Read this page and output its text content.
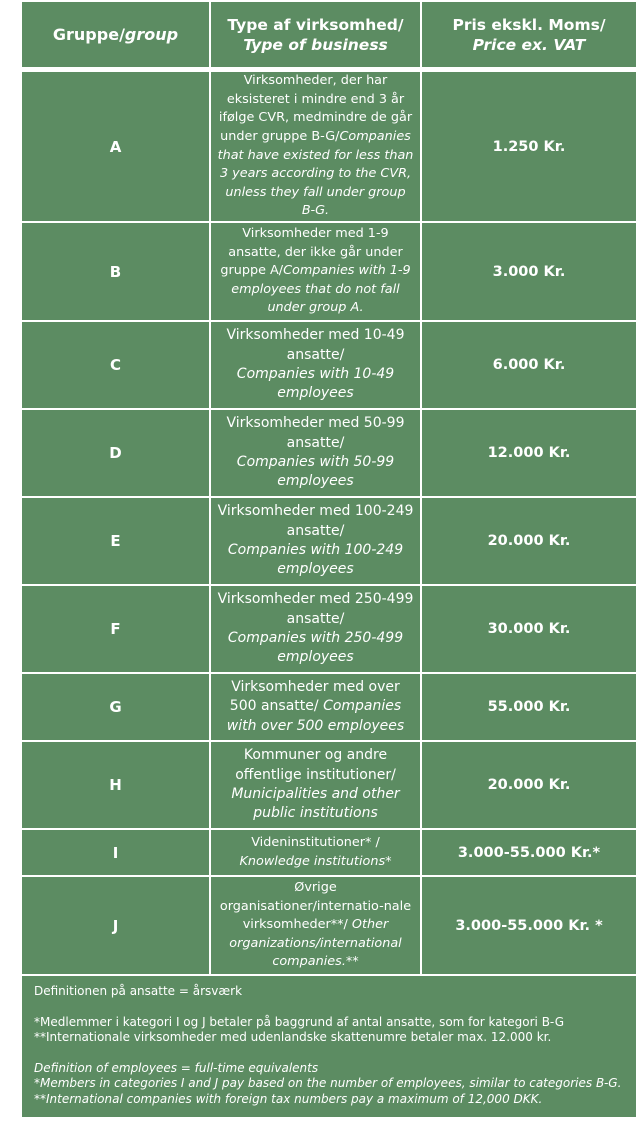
Gruppe/ group	Type af virksomhed/
Type of business
Pris ekskl. Moms/
Price ex. VAT
A
Virksomheder, der har eksisteret i mindre end 3 år ifølge CVR, medmindre de går under gruppe B-G/Companies that have existed for less than 3 years according to the CVR, unless they fall under group B-G.
1.250 Kr.
B
Virksomheder med 1-9 ansatte, der ikke går under gruppe A/Companies with 1-9 employees that do not fall under group A.
3.000 Kr.
C
Virksomheder med 10-49 ansatte/
Companies with 10-49 employees
6.000 Kr.
D
Virksomheder med 50-99 ansatte/
Companies with 50-99 employees
12.000 Kr.
E
Virksomheder med 100-249 ansatte/
Companies with 100-249 employees
20.000 Kr.
F
Virksomheder med 250-499 ansatte/
Companies with 250-499 employees
30.000 Kr.
G
Virksomheder med over 500 ansatte/ Companies with over 500 employees
55.000 Kr.
H
Kommuner og andre offentlige institutioner/
Municipalities and other public institutions
20.000 Kr.
I
Videninstitutioner* /
Knowledge institutions*
3.000-55.000 Kr.*
J
Øvrige organisationer/internatio-nale virksomheder**/ Other organizations/international companies.**
3.000-55.000 Kr. *

Definitionen på ansatte = årsværk

*Medlemmer i kategori I og J betaler på baggrund af antal ansatte, som for kategori B-G

**Internationale virksomheder med udenlandske skattenumre betaler max. 12.000 kr.

Definition of employees = full-time equivalents

*Members in categories I and J pay based on the number of employees, similar to categories B-G.

**International companies with foreign tax numbers pay a maximum of 12,000 DKK.
